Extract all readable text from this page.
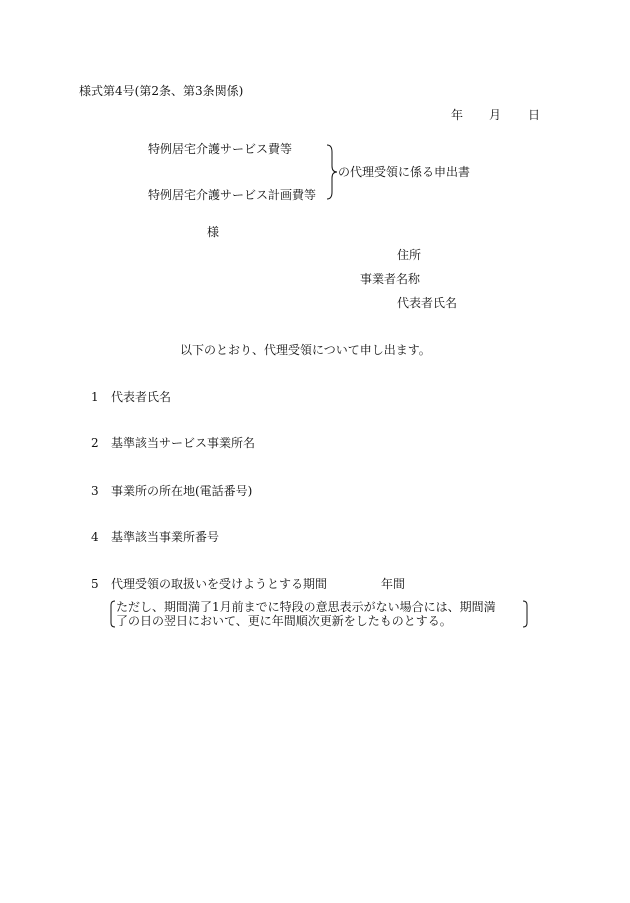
様式第4号(第2条、第3条関係)
年 月 日
特例居宅介護サービス費等
特例居宅介護サービス計画費等
の代理受領に係る申出書
様
住所
事業者名称
代表者氏名
以下のとおり、代理受領について申し出ます。
1 代表者氏名
2 基準該当サービス事業所名
3 事業所の所在地(電話番号)
4 基準該当事業所番号
5 代理受領の取扱いを受けようとする期間	年間
ただし、期間満了1月前までに特段の意思表示がない場合には、期間満
了の日の翌日において、更に年間順次更新をしたものとする。
